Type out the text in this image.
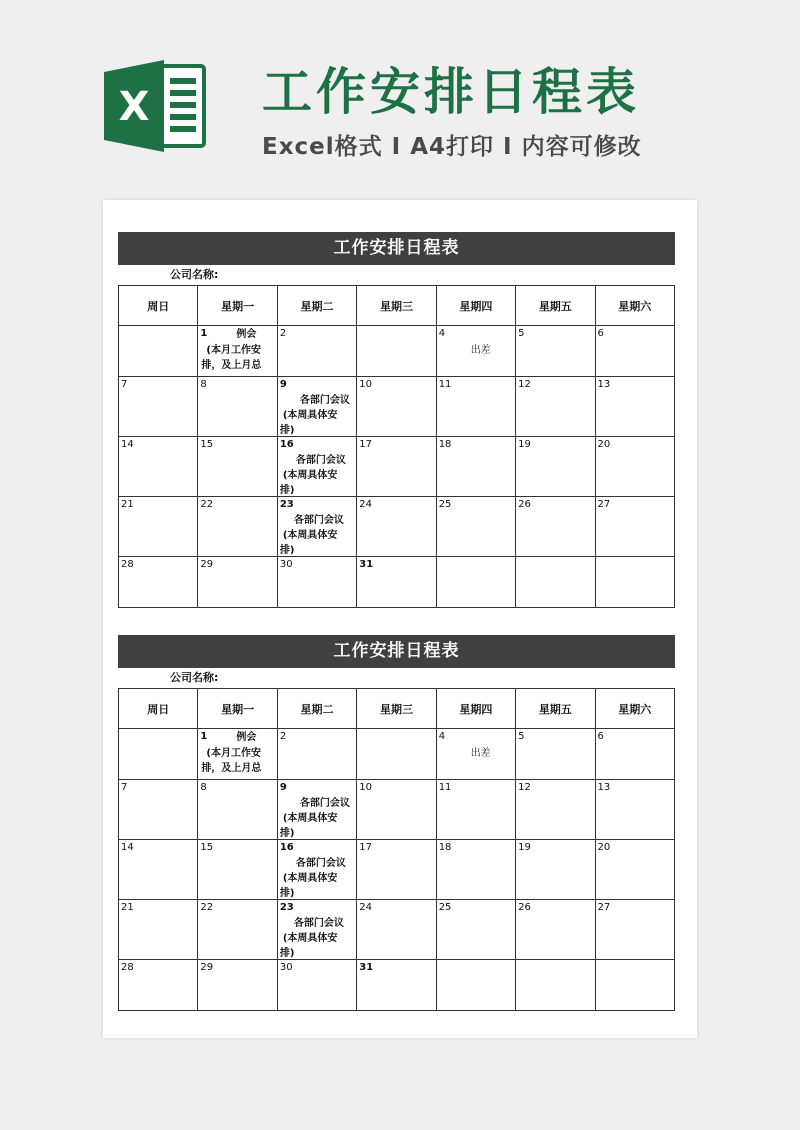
X 工作安排日程表
Excel格式 I A4打印 I 内容可修改
工作安排日程表
公司名称:
周日	星期一	星期二	星期三	星期四	星期五	星期六

	1 例会
(本月工作安
排，及上月总	2		4
出差	5	6

7	8	9
各部门会议
(本周具体安
排)	10	11	12	13

14	15	16
各部门会议
(本周具体安
排)	17	18	19	20

21	22	23
各部门会议
(本周具体安
排)	24	25	26	27

28	29	30	31			

工作安排日程表
公司名称:
周日	星期一	星期二	星期三	星期四	星期五	星期六

	1 例会
(本月工作安
排，及上月总	2		4
出差	5	6

7	8	9
各部门会议
(本周具体安
排)	10	11	12	13

14	15	16
各部门会议
(本周具体安
排)	17	18	19	20

21	22	23
各部门会议
(本周具体安
排)	24	25	26	27

28	29	30	31			
